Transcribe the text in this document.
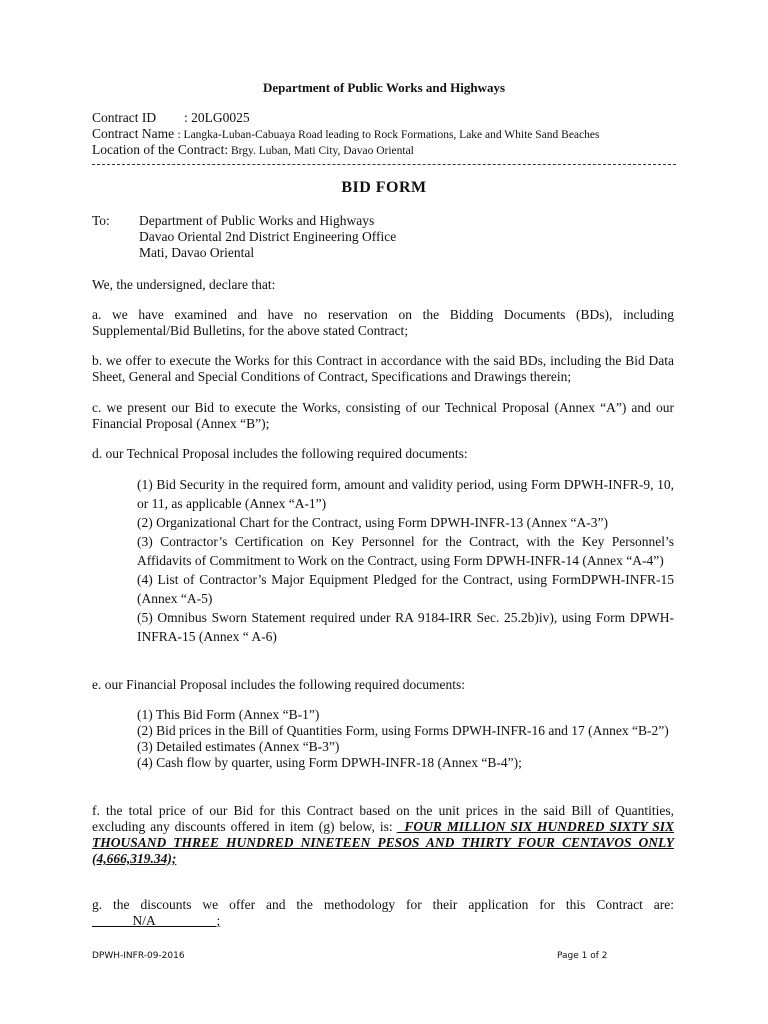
Department of Public Works and Highways
Contract ID : 20LG0025
Contract Name : Langka-Luban-Cabuaya Road leading to Rock Formations, Lake and White Sand Beaches
Location of the Contract: Brgy. Luban, Mati City, Davao Oriental
BID FORM
To: Department of Public Works and Highways
Davao Oriental 2nd District Engineering Office
Mati, Davao Oriental
We, the undersigned, declare that:
a. we have examined and have no reservation on the Bidding Documents (BDs), including Supplemental/Bid Bulletins, for the above stated Contract;
b. we offer to execute the Works for this Contract in accordance with the said BDs, including the Bid Data Sheet, General and Special Conditions of Contract, Specifications and Drawings therein;
c. we present our Bid to execute the Works, consisting of our Technical Proposal (Annex “A”) and our Financial Proposal (Annex “B”);
d. our Technical Proposal includes the following required documents:
(1) Bid Security in the required form, amount and validity period, using Form DPWH-INFR-9, 10, or 11, as applicable (Annex “A-1”)
(2) Organizational Chart for the Contract, using Form DPWH-INFR-13 (Annex “A-3”)
(3) Contractor’s Certification on Key Personnel for the Contract, with the Key Personnel’s Affidavits of Commitment to Work on the Contract, using Form DPWH-INFR-14 (Annex “A-4”)
(4) List of Contractor’s Major Equipment Pledged for the Contract, using FormDPWH-INFR-15 (Annex “A-5)
(5) Omnibus Sworn Statement required under RA 9184-IRR Sec. 25.2b)iv), using Form DPWH-INFRA-15 (Annex “ A-6)
e. our Financial Proposal includes the following required documents:
(1) This Bid Form (Annex “B-1”)
(2) Bid prices in the Bill of Quantities Form, using Forms DPWH-INFR-16 and 17 (Annex “B-2”)
(3) Detailed estimates (Annex “B-3”)
(4) Cash flow by quarter, using Form DPWH-INFR-18 (Annex “B-4”);
f. the total price of our Bid for this Contract based on the unit prices in the said Bill of Quantities, excluding any discounts offered in item (g) below, is: _FOUR MILLION SIX HUNDRED SIXTY SIX THOUSAND THREE HUNDRED NINETEEN PESOS AND THIRTY FOUR CENTAVOS ONLY (4,666,319.34);
g. the discounts we offer and the methodology for their application for this Contract are: ______N/A_________;
DPWH-INFR-09-2016	Page 1 of 2
